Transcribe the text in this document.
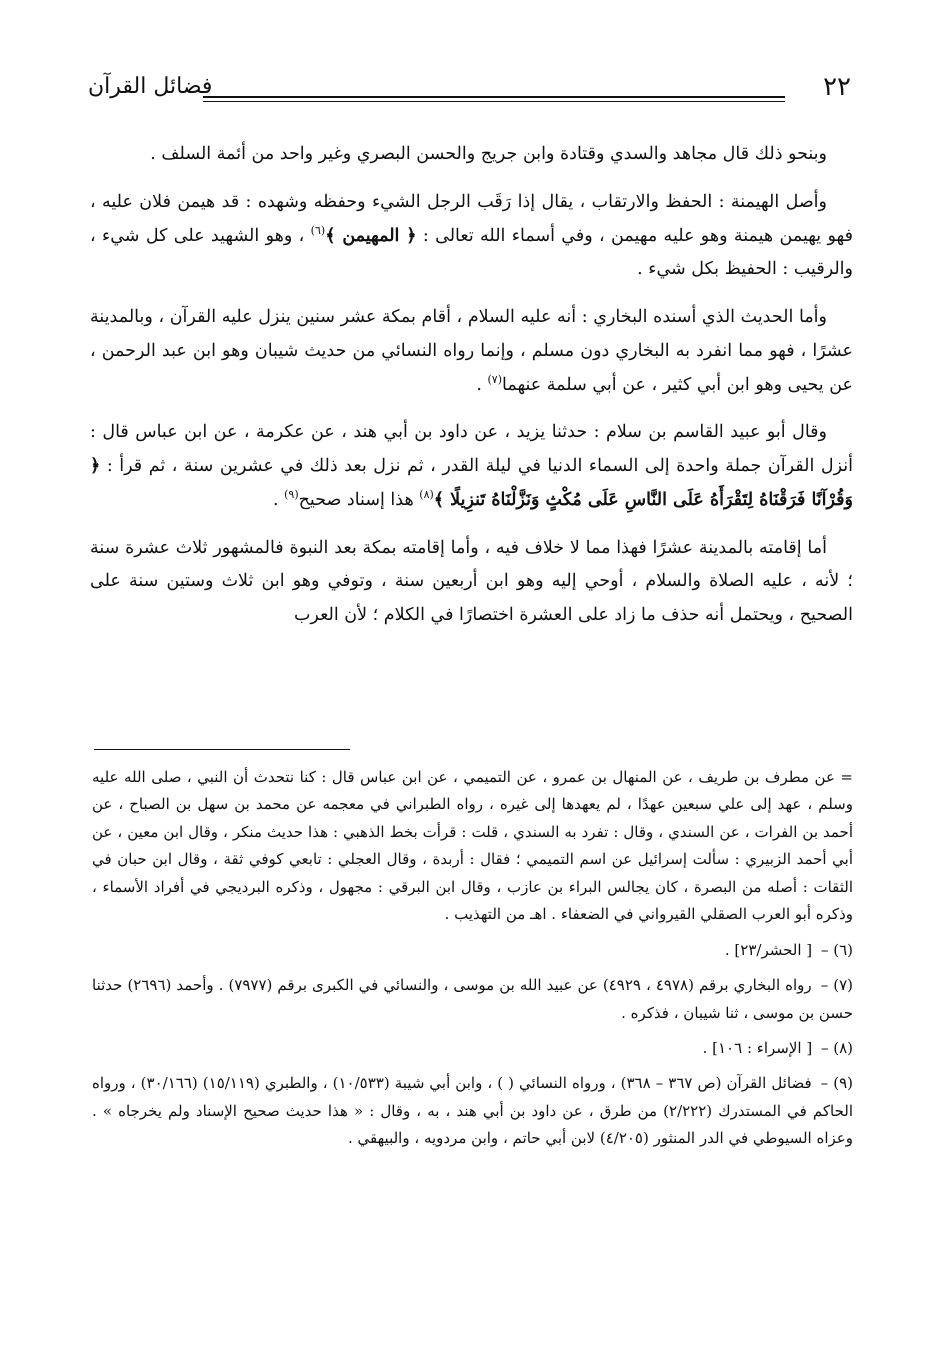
٢٢
فضائل القرآن

وبنحو ذلك قال مجاهد والسدي وقتادة وابن جريج والحسن البصري وغير واحد من أئمة السلف .

وأصل الهيمنة : الحفظ والارتقاب ، يقال إذا رَقَب الرجل الشيء وحفظه وشهده : قد هيمن فلان عليه ، فهو يهيمن هيمنة وهو عليه مهيمن ، وفي أسماء الله تعالى : ﴿ المهيمن ﴾$^{(٦)}$ ، وهو الشهيد على كل شيء ، والرقيب : الحفيظ بكل شيء .

وأما الحديث الذي أسنده البخاري : أنه عليه السلام ، أقام بمكة عشر سنين ينزل عليه القرآن ، وبالمدينة عشرًا ، فهو مما انفرد به البخاري دون مسلم ، وإنما رواه النسائي من حديث شيبان وهو ابن عبد الرحمن ، عن يحيى وهو ابن أبي كثير ، عن أبي سلمة عنهما$^{(٧)}$ .

وقال أبو عبيد القاسم بن سلام : حدثنا يزيد ، عن داود بن أبي هند ، عن عكرمة ، عن ابن عباس قال : أنزل القرآن جملة واحدة إلى السماء الدنيا في ليلة القدر ، ثم نزل بعد ذلك في عشرين سنة ، ثم قرأ : ﴿ وَقُرْآنًا فَرَقْنَاهُ لِتَقْرَأَهُ عَلَى النَّاسِ عَلَى مُكْثٍ وَنَزَّلْنَاهُ تَنزِيلًا ﴾$^{(٨)}$ هذا إسناد صحيح$^{(٩)}$ .

أما إقامته بالمدينة عشرًا فهذا مما لا خلاف فيه ، وأما إقامته بمكة بعد النبوة فالمشهور ثلاث عشرة سنة ؛ لأنه ، عليه الصلاة والسلام ، أوحي إليه وهو ابن أربعين سنة ، وتوفي وهو ابن ثلاث وستين سنة على الصحيح ، ويحتمل أنه حذف ما زاد على العشرة اختصارًا في الكلام ؛ لأن العرب

= عن مطرف بن طريف ، عن المنهال بن عمرو ، عن التميمي ، عن ابن عباس قال : كنا نتحدث أن النبي ، صلى الله عليه وسلم ، عهد إلى علي سبعين عهدًا ، لم يعهدها إلى غيره ، رواه الطبراني في معجمه عن محمد بن سهل بن الصباح ، عن أحمد بن الفرات ، عن السندي ، وقال : تفرد به السندي ، قلت : قرأت بخط الذهبي : هذا حديث منكر ، وقال ابن معين ، عن أبي أحمد الزبيري : سألت إسرائيل عن اسم التميمي ؛ فقال : أربدة ، وقال العجلي : تابعي كوفي ثقة ، وقال ابن حبان في الثقات : أصله من البصرة ، كان يجالس البراء بن عازب ، وقال ابن البرقي : مجهول ، وذكره البرديجي في أفراد الأسماء ، وذكره أبو العرب الصقلي القيرواني في الضعفاء . اهـ من التهذيب .

(٦) – [ الحشر/٢٣] .

(٧) – رواه البخاري برقم (٤٩٧٨ ، ٤٩٢٩) عن عبيد الله بن موسى ، والنسائي في الكبرى برقم (٧٩٧٧) . وأحمد (٢٦٩٦) حدثنا حسن بن موسى ، ثنا شيبان ، فذكره .

(٨) – [ الإسراء : ١٠٦] .

(٩) – فضائل القرآن (ص ٣٦٧ – ٣٦٨) ، ورواه النسائي ( ) ، وابن أبي شيبة (١٠/٥٣٣) ، والطبري (١٥/١١٩) (٣٠/١٦٦) ، ورواه الحاكم في المستدرك (٢/٢٢٢) من طرق ، عن داود بن أبي هند ، به ، وقال : « هذا حديث صحيح الإسناد ولم يخرجاه » . وعزاه السيوطي في الدر المنثور (٤/٢٠٥) لابن أبي حاتم ، وابن مردويه ، والبيهقي .
